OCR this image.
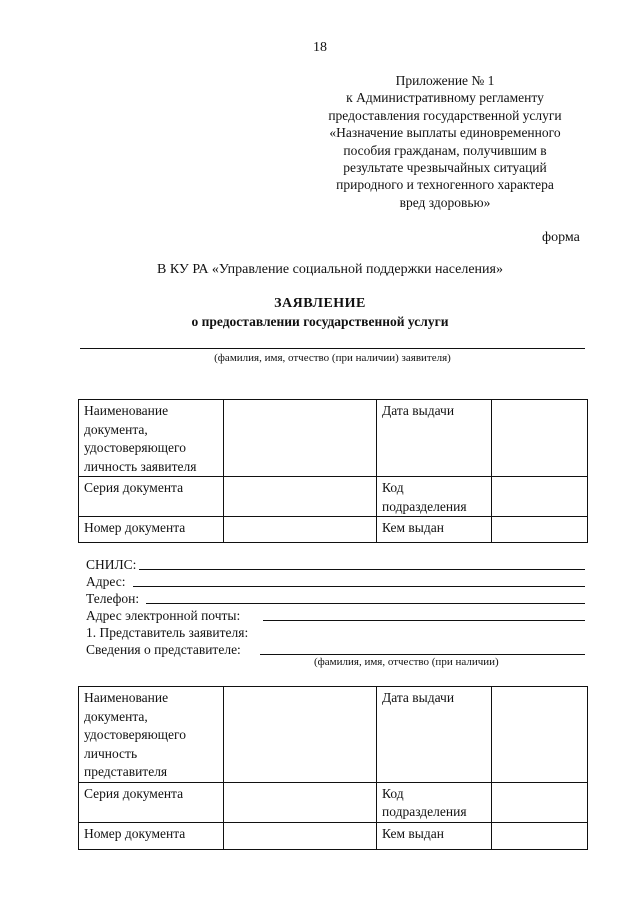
18
Приложение № 1
к Административному регламенту
предоставления государственной услуги
«Назначение выплаты единовременного
пособия гражданам, получившим в
результате чрезвычайных ситуаций
природного и техногенного характера
вред здоровью»
форма
В КУ РА «Управление социальной поддержки населения»
ЗАЯВЛЕНИЕ
о предоставлении государственной услуги
(фамилия, имя, отчество (при наличии) заявителя)
Наименование
документа,
удостоверяющего
личность заявителя		Дата выдачи	
Серия документа		Код
подразделения	

Номер документа		Кем выдан	
СНИЛС:
Адрес:
Телефон:
Адрес электронной почты:
1. Представитель заявителя:
Сведения о представителе:
(фамилия, имя, отчество (при наличии)
Наименование
документа,
удостоверяющего
личность
представителя		Дата выдачи	
Серия документа		Код
подразделения	

Номер документа		Кем выдан	
